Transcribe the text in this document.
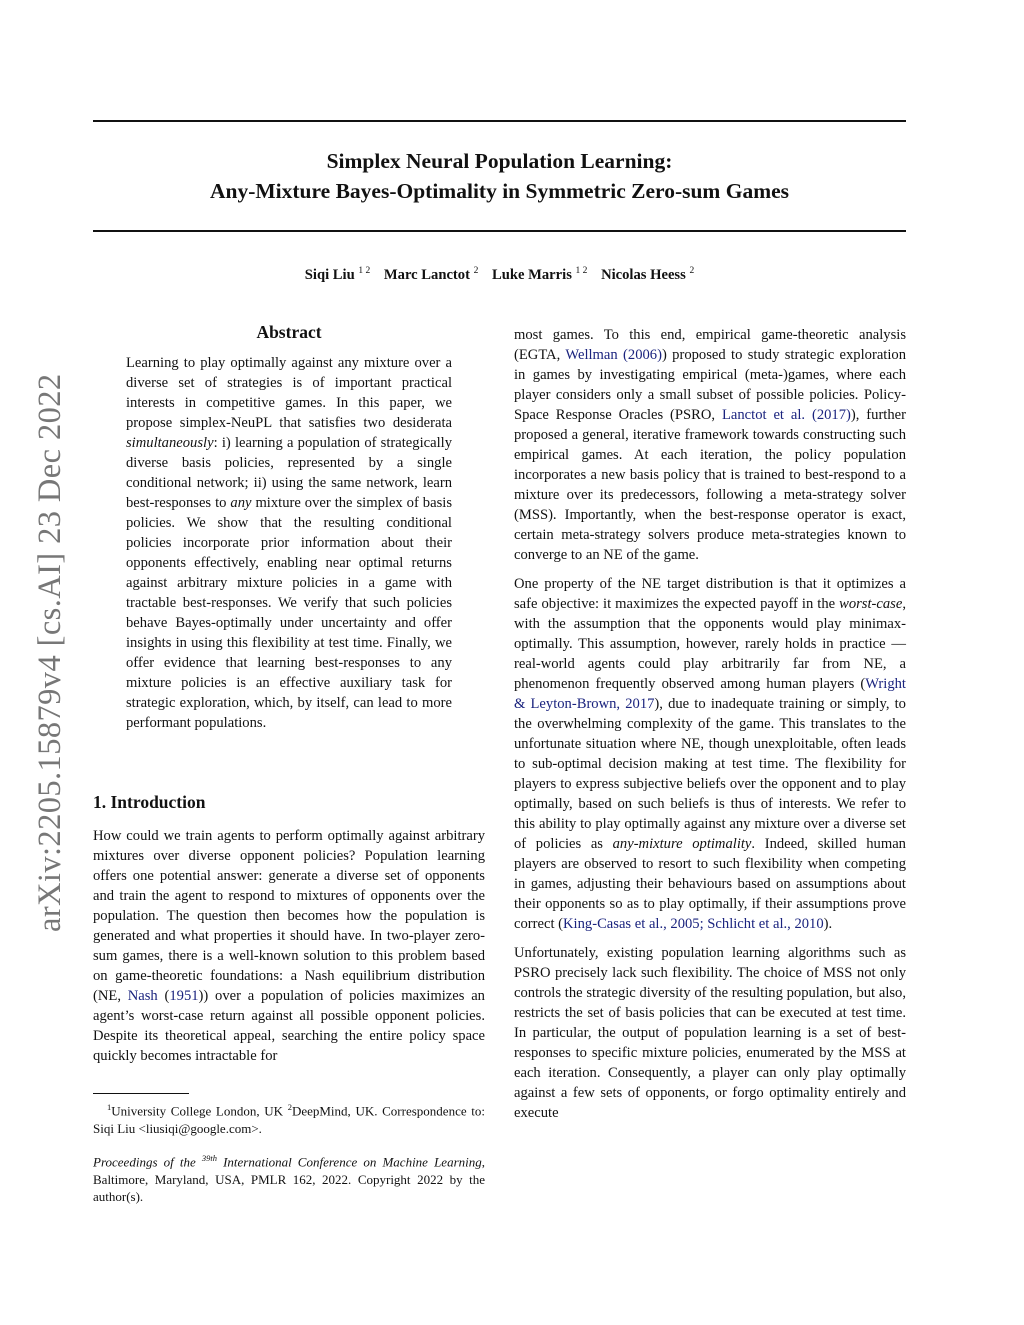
Simplex Neural Population Learning:
Any-Mixture Bayes-Optimality in Symmetric Zero-sum Games
Siqi Liu $^{1 2}$ Marc Lanctot $^2$ Luke Marris $^{1 2}$ Nicolas Heess $^2$
arXiv:2205.15879v4 [cs.AI] 23 Dec 2022
Abstract

Learning to play optimally against any mixture over a diverse set of strategies is of important practical interests in competitive games. In this paper, we propose simplex-NeuPL that satisfies two desiderata simultaneously: i) learning a population of strategically diverse basis policies, represented by a single conditional network; ii) using the same network, learn best-responses to any mixture over the simplex of basis policies. We show that the resulting conditional policies incorporate prior information about their opponents effectively, enabling near optimal returns against arbitrary mixture policies in a game with tractable best-responses. We verify that such policies behave Bayes-optimally under uncertainty and offer insights in using this flexibility at test time. Finally, we offer evidence that learning best-responses to any mixture policies is an effective auxiliary task for strategic exploration, which, by itself, can lead to more performant populations.

1. Introduction

How could we train agents to perform optimally against arbitrary mixtures over diverse opponent policies? Population learning offers one potential answer: generate a diverse set of opponents and train the agent to respond to mixtures of opponents over the population. The question then becomes how the population is generated and what properties it should have. In two-player zero-sum games, there is a well-known solution to this problem based on game-theoretic foundations: a Nash equilibrium distribution (NE, Nash (1951)) over a population of policies maximizes an agent’s worst-case return against all possible opponent policies. Despite its theoretical appeal, searching the entire policy space quickly becomes intractable for

$^1$University College London, UK $^2$DeepMind, UK. Correspondence to: Siqi Liu <liusiqi@google.com>.
Proceedings of the $^{39th}$ International Conference on Machine Learning, Baltimore, Maryland, USA, PMLR 162, 2022. Copyright 2022 by the author(s).

most games. To this end, empirical game-theoretic analysis (EGTA, Wellman (2006)) proposed to study strategic exploration in games by investigating empirical (meta-)games, where each player considers only a small subset of possible policies. Policy-Space Response Oracles (PSRO, Lanctot et al. (2017)), further proposed a general, iterative framework towards constructing such empirical games. At each iteration, the policy population incorporates a new basis policy that is trained to best-respond to a mixture over its predecessors, following a meta-strategy solver (MSS). Importantly, when the best-response operator is exact, certain meta-strategy solvers produce meta-strategies known to converge to an NE of the game.

One property of the NE target distribution is that it optimizes a safe objective: it maximizes the expected payoff in the worst-case, with the assumption that the opponents would play minimax-optimally. This assumption, however, rarely holds in practice — real-world agents could play arbitrarily far from NE, a phenomenon frequently observed among human players (Wright & Leyton-Brown, 2017), due to inadequate training or simply, to the overwhelming complexity of the game. This translates to the unfortunate situation where NE, though unexploitable, often leads to sub-optimal decision making at test time. The flexibility for players to express subjective beliefs over the opponent and to play optimally, based on such beliefs is thus of interests. We refer to this ability to play optimally against any mixture over a diverse set of policies as any-mixture optimality. Indeed, skilled human players are observed to resort to such flexibility when competing in games, adjusting their behaviours based on assumptions about their opponents so as to play optimally, if their assumptions prove correct (King-Casas et al., 2005; Schlicht et al., 2010).

Unfortunately, existing population learning algorithms such as PSRO precisely lack such flexibility. The choice of MSS not only controls the strategic diversity of the resulting population, but also, restricts the set of basis policies that can be executed at test time. In particular, the output of population learning is a set of best-responses to specific mixture policies, enumerated by the MSS at each iteration. Consequently, a player can only play optimally against a few sets of opponents, or forgo optimality entirely and execute
